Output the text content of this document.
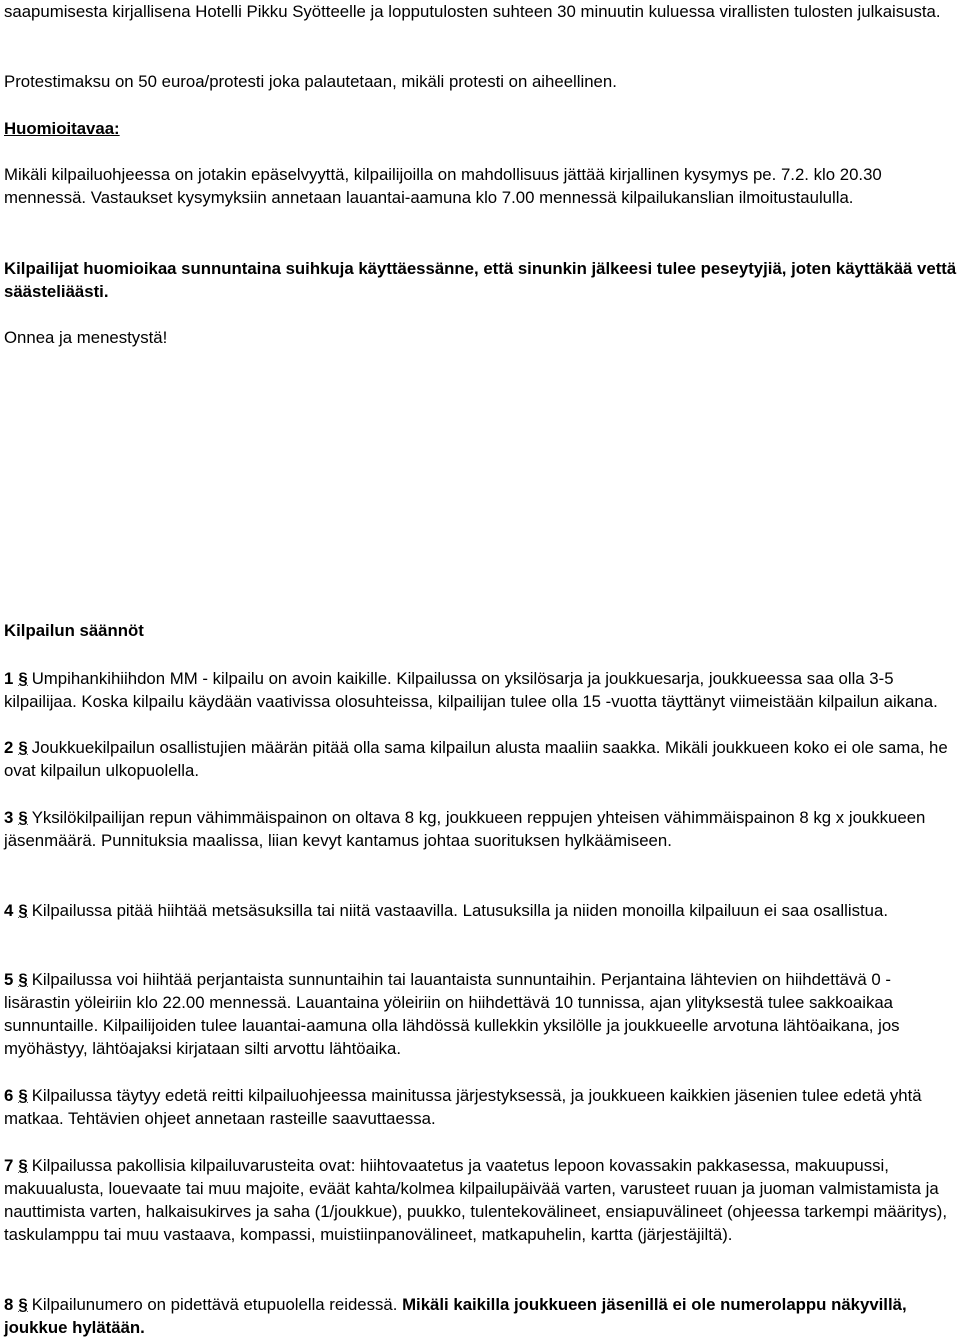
saapumisesta kirjallisena Hotelli Pikku Syötteelle ja lopputulosten suhteen 30 minuutin kuluessa virallisten tulosten julkaisusta.

Protestimaksu on 50 euroa/protesti joka palautetaan, mikäli protesti on aiheellinen.

Huomioitavaa:

Mikäli kilpailuohjeessa on jotakin epäselvyyttä, kilpailijoilla on mahdollisuus jättää kirjallinen kysymys pe. 7.2. klo 20.30 mennessä. Vastaukset kysymyksiin annetaan lauantai-aamuna klo 7.00 mennessä kilpailukanslian ilmoitustaululla.

Kilpailijat huomioikaa sunnuntaina suihkuja käyttäessänne, että sinunkin jälkeesi tulee peseytyjiä, joten käyttäkää vettä säästeliäästi.

Onnea ja menestystä!

Kilpailun säännöt

1 § Umpihankihiihdon MM - kilpailu on avoin kaikille. Kilpailussa on yksilösarja ja joukkuesarja, joukkueessa saa olla 3-5 kilpailijaa. Koska kilpailu käydään vaativissa olosuhteissa, kilpailijan tulee olla 15 -vuotta täyttänyt viimeistään kilpailun aikana.

2 § Joukkuekilpailun osallistujien määrän pitää olla sama kilpailun alusta maaliin saakka. Mikäli joukkueen koko ei ole sama, he ovat kilpailun ulkopuolella.

3 § Yksilökilpailijan repun vähimmäispainon on oltava 8 kg, joukkueen reppujen yhteisen vähimmäispainon 8 kg x joukkueen jäsenmäärä. Punnituksia maalissa, liian kevyt kantamus johtaa suorituksen hylkäämiseen.

4 § Kilpailussa pitää hiihtää metsäsuksilla tai niitä vastaavilla. Latusuksilla ja niiden monoilla kilpailuun ei saa osallistua.

5 § Kilpailussa voi hiihtää perjantaista sunnuntaihin tai lauantaista sunnuntaihin. Perjantaina lähtevien on hiihdettävä 0 - lisärastin yöleiriin klo 22.00 mennessä. Lauantaina yöleiriin on hiihdettävä 10 tunnissa, ajan ylityksestä tulee sakkoaikaa sunnuntaille. Kilpailijoiden tulee lauantai-aamuna olla lähdössä kullekkin yksilölle ja joukkueelle arvotuna lähtöaikana, jos myöhästyy, lähtöajaksi kirjataan silti arvottu lähtöaika.

6 § Kilpailussa täytyy edetä reitti kilpailuohjeessa mainitussa järjestyksessä, ja joukkueen kaikkien jäsenien tulee edetä yhtä matkaa. Tehtävien ohjeet annetaan rasteille saavuttaessa.

7 § Kilpailussa pakollisia kilpailuvarusteita ovat: hiihtovaatetus ja vaatetus lepoon kovassakin pakkasessa, makuupussi, makuualusta, louevaate tai muu majoite, eväät kahta/kolmea kilpailupäivää varten, varusteet ruuan ja juoman valmistamista ja nauttimista varten, halkaisukirves ja saha (1/joukkue), puukko, tulentekovälineet, ensiapuvälineet (ohjeessa tarkempi määritys), taskulamppu tai muu vastaava, kompassi, muistiinpanovälineet, matkapuhelin, kartta (järjestäjiltä).

8 § Kilpailunumero on pidettävä etupuolella reidessä. Mikäli kaikilla joukkueen jäsenillä ei ole numerolappu näkyvillä, joukkue hylätään.
